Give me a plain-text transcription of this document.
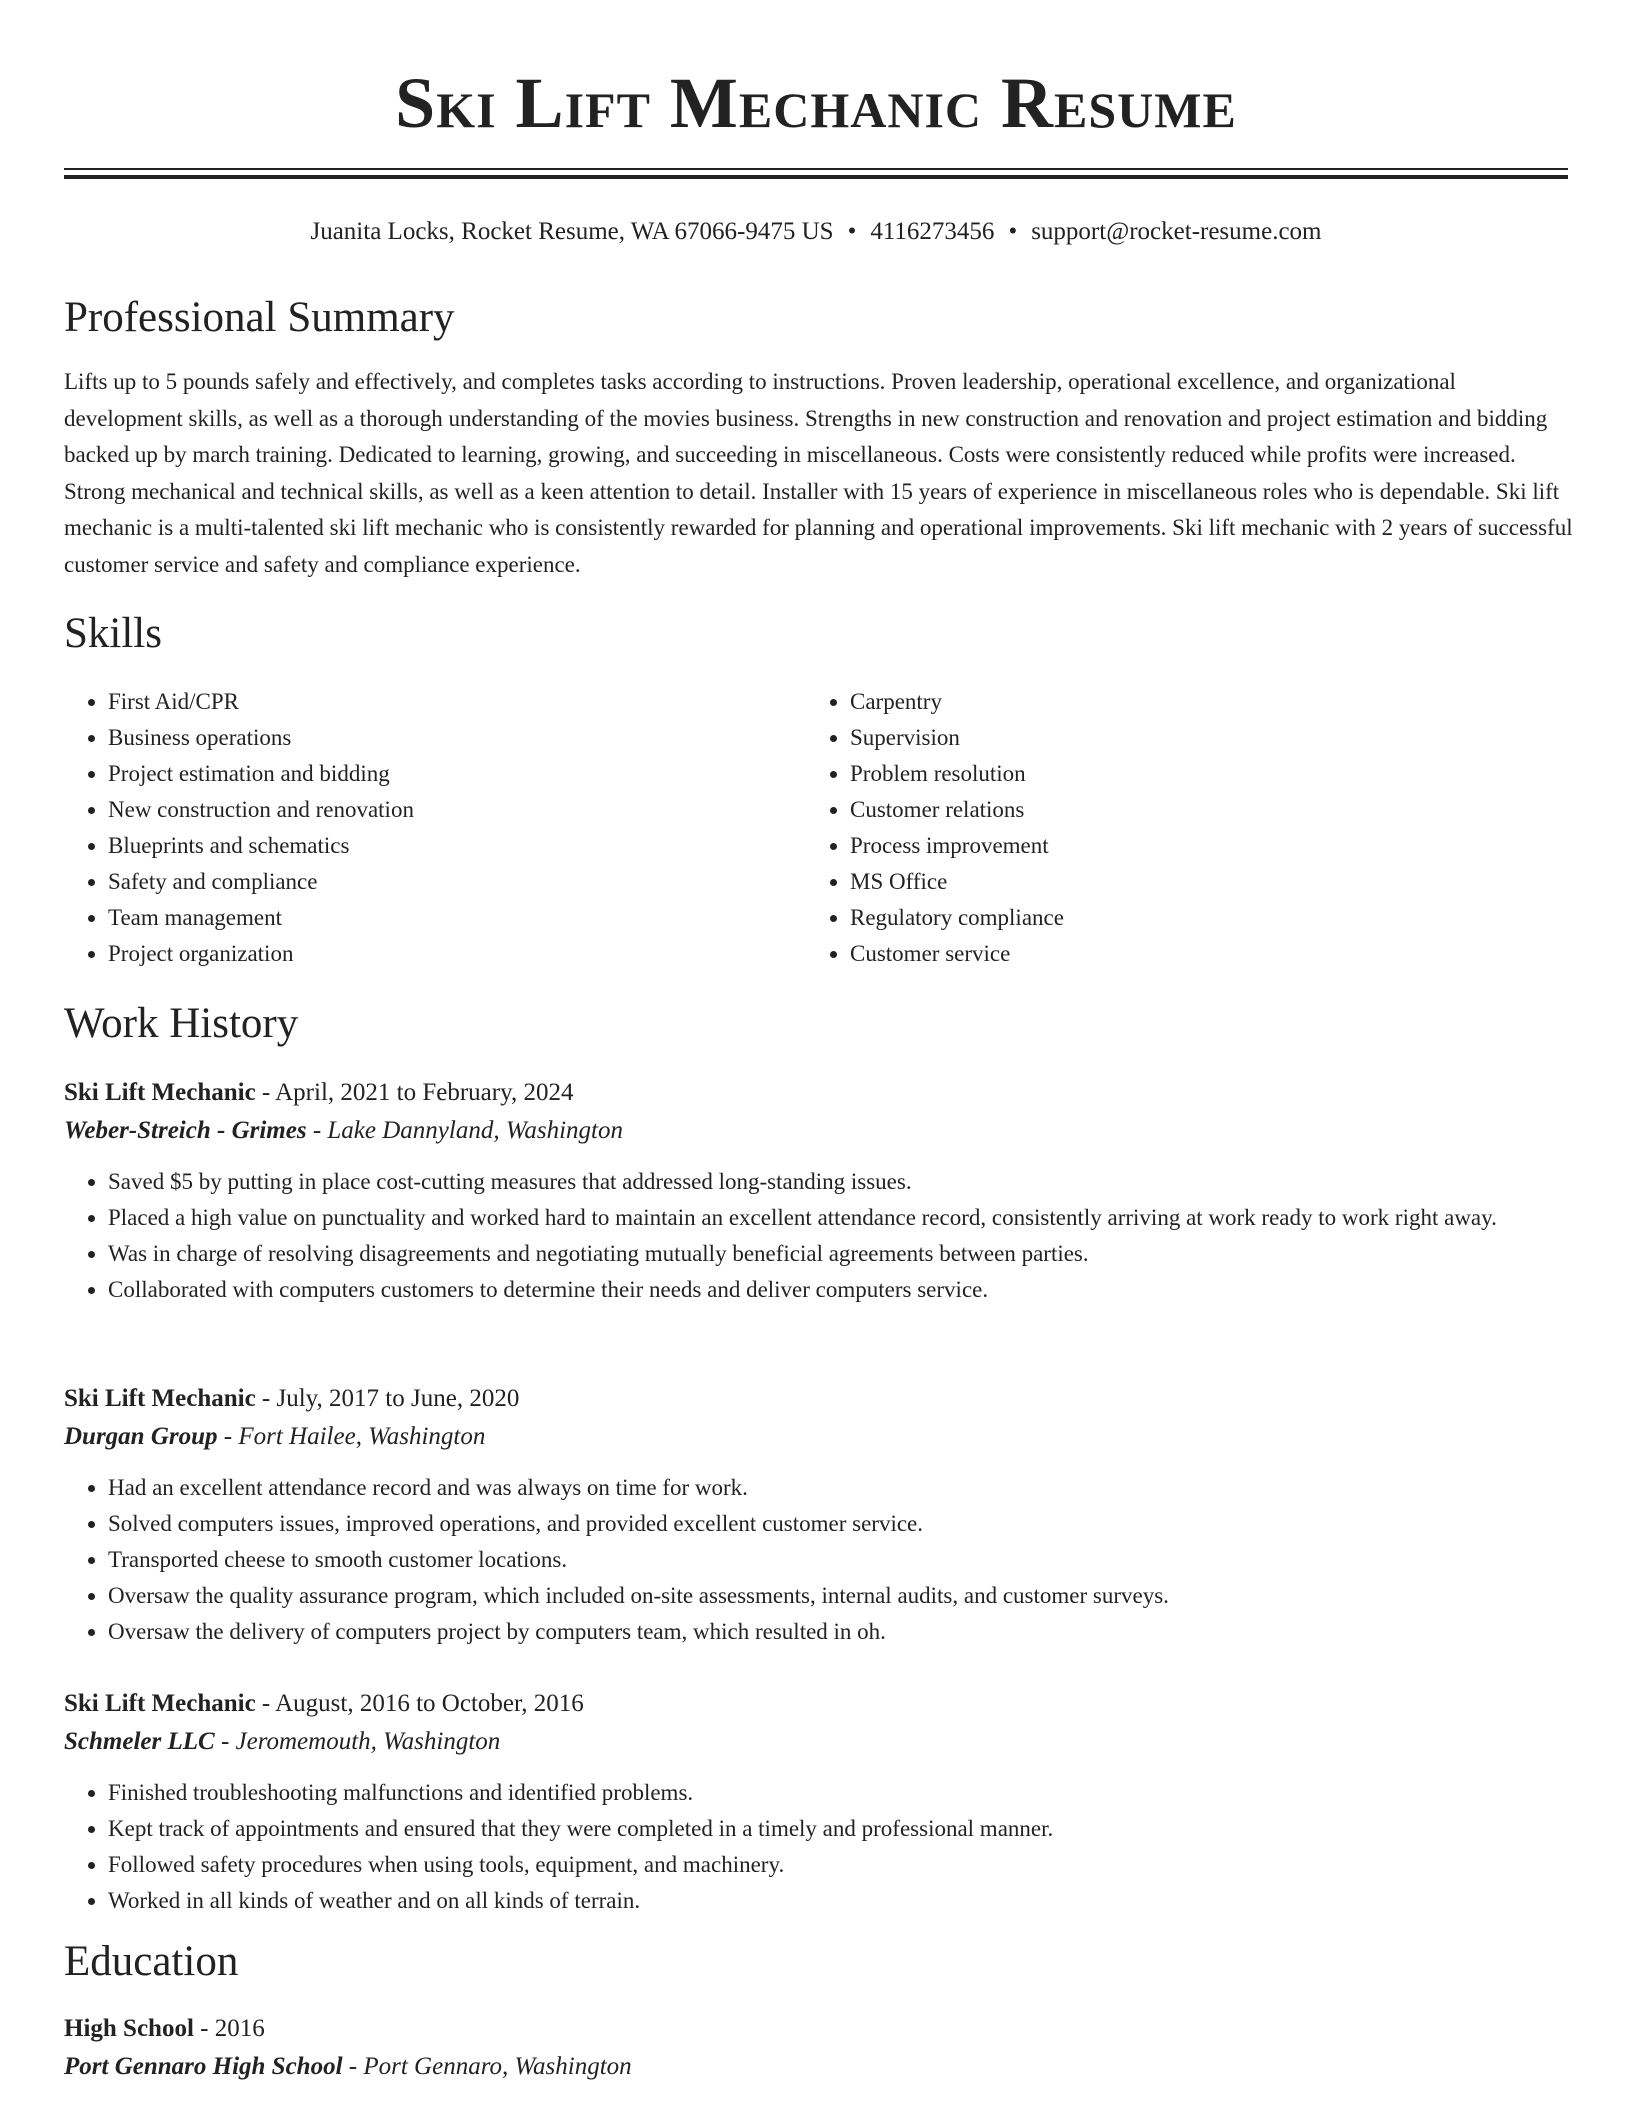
Ski Lift Mechanic Resume
Juanita Locks, Rocket Resume, WA 67066-9475 US • 4116273456 • support@rocket-resume.com
Professional Summary

Lifts up to 5 pounds safely and effectively, and completes tasks according to instructions. Proven leadership, operational excellence, and organizational development skills, as well as a thorough understanding of the movies business. Strengths in new construction and renovation and project estimation and bidding backed up by march training. Dedicated to learning, growing, and succeeding in miscellaneous. Costs were consistently reduced while profits were increased. Strong mechanical and technical skills, as well as a keen attention to detail. Installer with 15 years of experience in miscellaneous roles who is dependable. Ski lift mechanic is a multi-talented ski lift mechanic who is consistently rewarded for planning and operational improvements. Ski lift mechanic with 2 years of successful customer service and safety and compliance experience.

Skills
• First Aid/CPR
• Business operations
• Project estimation and bidding
• New construction and renovation
• Blueprints and schematics
• Safety and compliance
• Team management
• Project organization
• Carpentry
• Supervision
• Problem resolution
• Customer relations
• Process improvement
• MS Office
• Regulatory compliance
• Customer service
Work History
Ski Lift Mechanic - April, 2021 to February, 2024
Weber-Streich - Grimes - Lake Dannyland, Washington
• Saved $5 by putting in place cost-cutting measures that addressed long-standing issues.
• Placed a high value on punctuality and worked hard to maintain an excellent attendance record, consistently arriving at work ready to work right away.
• Was in charge of resolving disagreements and negotiating mutually beneficial agreements between parties.
• Collaborated with computers customers to determine their needs and deliver computers service.
Ski Lift Mechanic - July, 2017 to June, 2020
Durgan Group - Fort Hailee, Washington
• Had an excellent attendance record and was always on time for work.
• Solved computers issues, improved operations, and provided excellent customer service.
• Transported cheese to smooth customer locations.
• Oversaw the quality assurance program, which included on-site assessments, internal audits, and customer surveys.
• Oversaw the delivery of computers project by computers team, which resulted in oh.
Ski Lift Mechanic - August, 2016 to October, 2016
Schmeler LLC - Jeromemouth, Washington
• Finished troubleshooting malfunctions and identified problems.
• Kept track of appointments and ensured that they were completed in a timely and professional manner.
• Followed safety procedures when using tools, equipment, and machinery.
• Worked in all kinds of weather and on all kinds of terrain.
Education
High School - 2016
Port Gennaro High School - Port Gennaro, Washington
